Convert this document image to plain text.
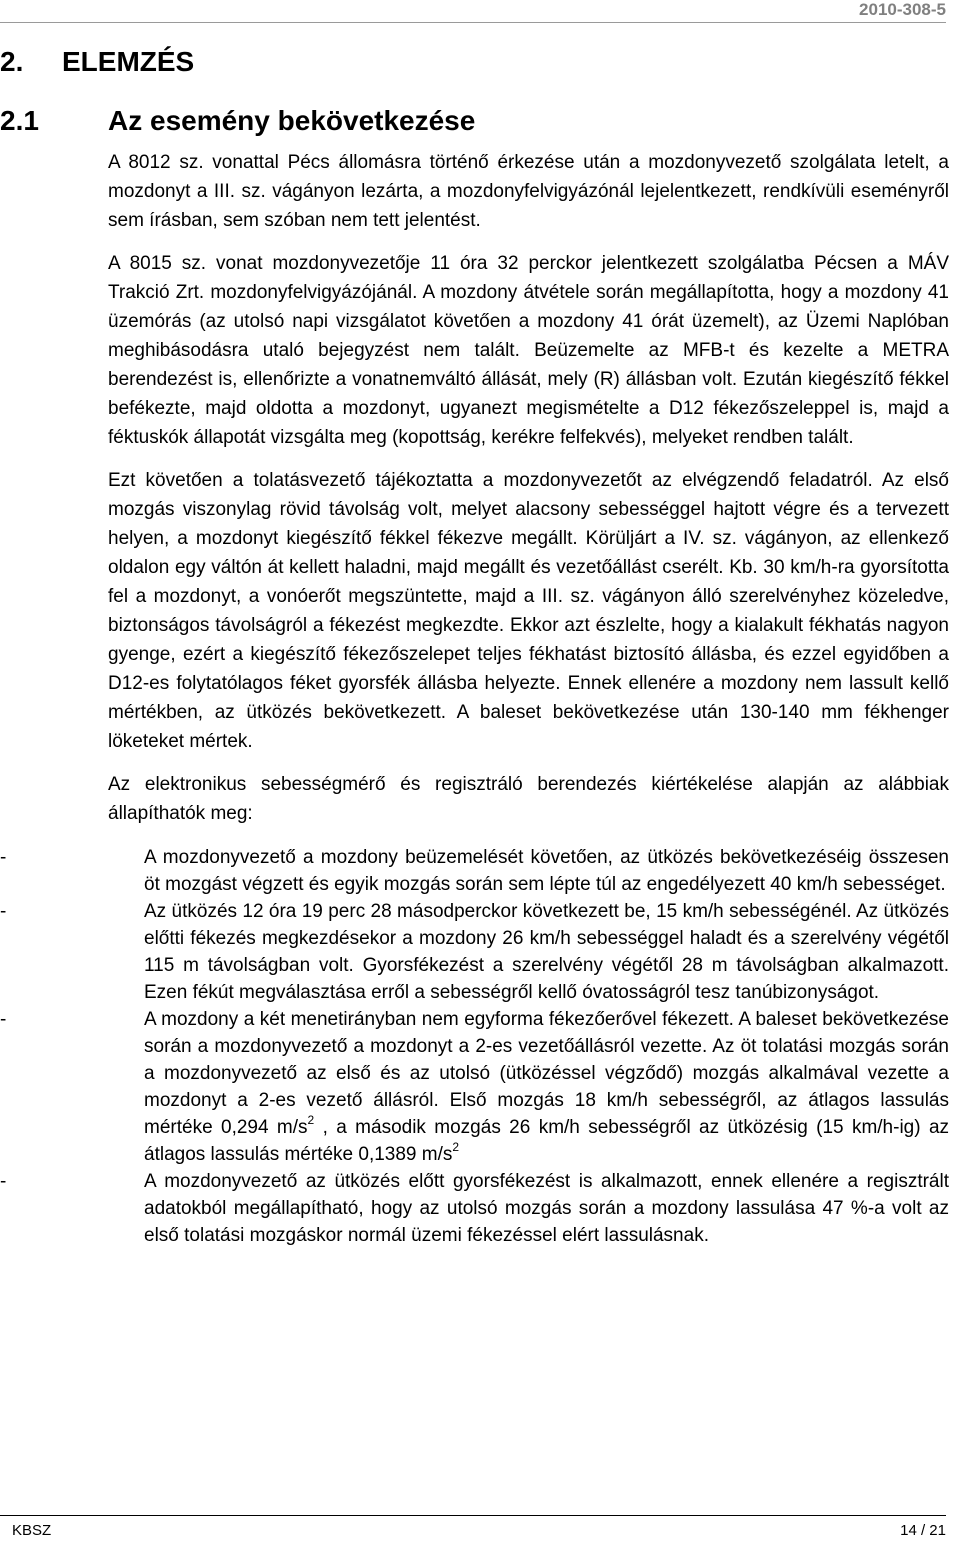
2010-308-5
2. ELEMZÉS
2.1 Az esemény bekövetkezése

A 8012 sz. vonattal Pécs állomásra történő érkezése után a mozdonyvezető szolgálata letelt, a mozdonyt a III. sz. vágányon lezárta, a mozdonyfelvigyázónál lejelentkezett, rendkívüli eseményről sem írásban, sem szóban nem tett jelentést.

A 8015 sz. vonat mozdonyvezetője 11 óra 32 perckor jelentkezett szolgálatba Pécsen a MÁV Trakció Zrt. mozdonyfelvigyázójánál. A mozdony átvétele során megállapította, hogy a mozdony 41 üzemórás (az utolsó napi vizsgálatot követően a mozdony 41 órát üzemelt), az Üzemi Naplóban meghibásodásra utaló bejegyzést nem talált. Beüzemelte az MFB-t és kezelte a METRA berendezést is, ellenőrizte a vonatnemváltó állását, mely (R) állásban volt. Ezután kiegészítő fékkel befékezte, majd oldotta a mozdonyt, ugyanezt megismételte a D12 fékezőszeleppel is, majd a féktuskók állapotát vizsgálta meg (kopottság, kerékre felfekvés), melyeket rendben talált.

Ezt követően a tolatásvezető tájékoztatta a mozdonyvezetőt az elvégzendő feladatról. Az első mozgás viszonylag rövid távolság volt, melyet alacsony sebességgel hajtott végre és a tervezett helyen, a mozdonyt kiegészítő fékkel fékezve megállt. Körüljárt a IV. sz. vágányon, az ellenkező oldalon egy váltón át kellett haladni, majd megállt és vezetőállást cserélt. Kb. 30 km/h-ra gyorsította fel a mozdonyt, a vonóerőt megszüntette, majd a III. sz. vágányon álló szerelvényhez közeledve, biztonságos távolságról a fékezést megkezdte. Ekkor azt észlelte, hogy a kialakult fékhatás nagyon gyenge, ezért a kiegészítő fékezőszelepet teljes fékhatást biztosító állásba, és ezzel egyidőben a D12-es folytatólagos féket gyorsfék állásba helyezte. Ennek ellenére a mozdony nem lassult kellő mértékben, az ütközés bekövetkezett. A baleset bekövetkezése után 130-140 mm fékhenger löketeket mértek.

Az elektronikus sebességmérő és regisztráló berendezés kiértékelése alapján az alábbiak állapíthatók meg:

-	A mozdonyvezető a mozdony beüzemelését követően, az ütközés bekövetkezéséig összesen öt mozgást végzett és egyik mozgás során sem lépte túl az engedélyezett 40 km/h sebességet.

-	Az ütközés 12 óra 19 perc 28 másodperckor következett be, 15 km/h sebességénél. Az ütközés előtti fékezés megkezdésekor a mozdony 26 km/h sebességgel haladt és a szerelvény végétől 115 m távolságban volt. Gyorsfékezést a szerelvény végétől 28 m távolságban alkalmazott. Ezen fékút megválasztása erről a sebességről kellő óvatosságról tesz tanúbizonyságot.

-	A mozdony a két menetirányban nem egyforma fékezőerővel fékezett. A baleset bekövetkezése során a mozdonyvezető a mozdonyt a 2-es vezetőállásról vezette. Az öt tolatási mozgás során a mozdonyvezető az első és az utolsó (ütközéssel végződő) mozgás alkalmával vezette a mozdonyt a 2-es vezető állásról. Első mozgás 18 km/h sebességről, az átlagos lassulás mértéke 0,294 $m/s^2$ , a második mozgás 26 km/h sebességről az ütközésig (15 km/h-ig) az átlagos lassulás mértéke 0,1389 $m/s^2$

-	A mozdonyvezető az ütközés előtt gyorsfékezést is alkalmazott, ennek ellenére a regisztrált adatokból megállapítható, hogy az utolsó mozgás során a mozdony lassulása 47 %-a volt az első tolatási mozgáskor normál üzemi fékezéssel elért lassulásnak.

KBSZ	14 / 21
